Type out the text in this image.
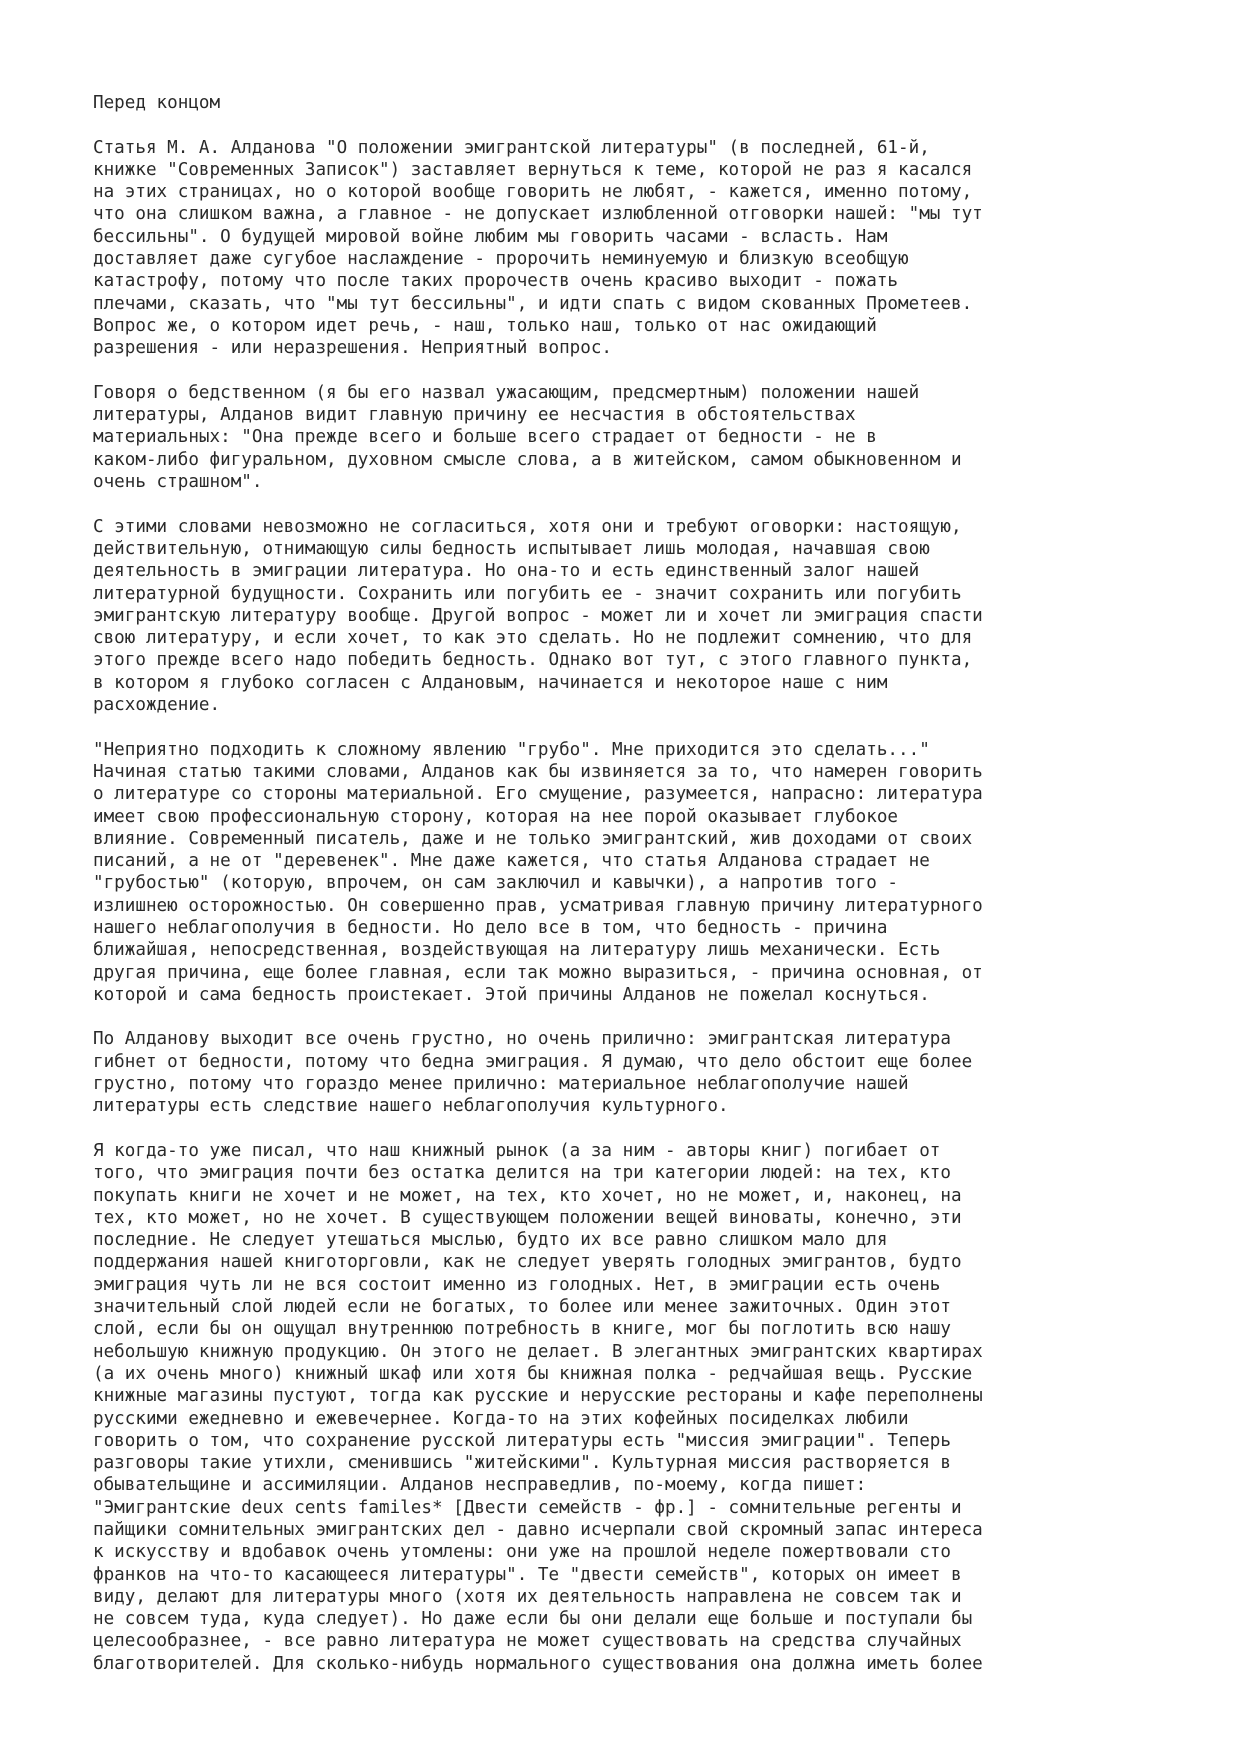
Перед концом
Статья М. А. Алданова "О положении эмигрантской литературы" (в последней, 61-й,
книжке "Современных Записок") заставляет вернуться к теме, которой не раз я касался
на этих страницах, но о которой вообще говорить не любят, - кажется, именно потому,
что она слишком важна, а главное - не допускает излюбленной отговорки нашей: "мы тут
бессильны". О будущей мировой войне любим мы говорить часами - всласть. Нам
доставляет даже сугубое наслаждение - пророчить неминуемую и близкую всеобщую
катастрофу, потому что после таких пророчеств очень красиво выходит - пожать
плечами, сказать, что "мы тут бессильны", и идти спать с видом скованных Прометеев.
Вопрос же, о котором идет речь, - наш, только наш, только от нас ожидающий
разрешения - или неразрешения. Неприятный вопрос.
Говоря о бедственном (я бы его назвал ужасающим, предсмертным) положении нашей
литературы, Алданов видит главную причину ее несчастия в обстоятельствах
материальных: "Она прежде всего и больше всего страдает от бедности - не в
каком-либо фигуральном, духовном смысле слова, а в житейском, самом обыкновенном и
очень страшном".
С этими словами невозможно не согласиться, хотя они и требуют оговорки: настоящую,
действительную, отнимающую силы бедность испытывает лишь молодая, начавшая свою
деятельность в эмиграции литература. Но она-то и есть единственный залог нашей
литературной будущности. Сохранить или погубить ее - значит сохранить или погубить
эмигрантскую литературу вообще. Другой вопрос - может ли и хочет ли эмиграция спасти
свою литературу, и если хочет, то как это сделать. Но не подлежит сомнению, что для
этого прежде всего надо победить бедность. Однако вот тут, с этого главного пункта,
в котором я глубоко согласен с Алдановым, начинается и некоторое наше с ним
расхождение.
"Неприятно подходить к сложному явлению "грубо". Мне приходится это сделать..."
Начиная статью такими словами, Алданов как бы извиняется за то, что намерен говорить
о литературе со стороны материальной. Его смущение, разумеется, напрасно: литература
имеет свою профессиональную сторону, которая на нее порой оказывает глубокое
влияние. Современный писатель, даже и не только эмигрантский, жив доходами от своих
писаний, а не от "деревенек". Мне даже кажется, что статья Алданова страдает не
"грубостью" (которую, впрочем, он сам заключил и кавычки), а напротив того -
излишнею осторожностью. Он совершенно прав, усматривая главную причину литературного
нашего неблагополучия в бедности. Но дело все в том, что бедность - причина
ближайшая, непосредственная, воздействующая на литературу лишь механически. Есть
другая причина, еще более главная, если так можно выразиться, - причина основная, от
которой и сама бедность проистекает. Этой причины Алданов не пожелал коснуться.
По Алданову выходит все очень грустно, но очень прилично: эмигрантская литература
гибнет от бедности, потому что бедна эмиграция. Я думаю, что дело обстоит еще более
грустно, потому что гораздо менее прилично: материальное неблагополучие нашей
литературы есть следствие нашего неблагополучия культурного.
Я когда-то уже писал, что наш книжный рынок (а за ним - авторы книг) погибает от
того, что эмиграция почти без остатка делится на три категории людей: на тех, кто
покупать книги не хочет и не может, на тех, кто хочет, но не может, и, наконец, на
тех, кто может, но не хочет. В существующем положении вещей виноваты, конечно, эти
последние. Не следует утешаться мыслью, будто их все равно слишком мало для
поддержания нашей книготорговли, как не следует уверять голодных эмигрантов, будто
эмиграция чуть ли не вся состоит именно из голодных. Нет, в эмиграции есть очень
значительный слой людей если не богатых, то более или менее зажиточных. Один этот
слой, если бы он ощущал внутреннюю потребность в книге, мог бы поглотить всю нашу
небольшую книжную продукцию. Он этого не делает. В элегантных эмигрантских квартирах
(а их очень много) книжный шкаф или хотя бы книжная полка - редчайшая вещь. Русские
книжные магазины пустуют, тогда как русские и нерусские рестораны и кафе переполнены
русскими ежедневно и ежевечернее. Когда-то на этих кофейных посиделках любили
говорить о том, что сохранение русской литературы есть "миссия эмиграции". Теперь
разговоры такие утихли, сменившись "житейскими". Культурная миссия растворяется в
обывательщине и ассимиляции. Алданов несправедлив, по-моему, когда пишет:
"Эмигрантские deux cents familes* [Двести семейств - фр.] - сомнительные регенты и
пайщики сомнительных эмигрантских дел - давно исчерпали свой скромный запас интереса
к искусству и вдобавок очень утомлены: они уже на прошлой неделе пожертвовали сто
франков на что-то касающееся литературы". Те "двести семейств", которых он имеет в
виду, делают для литературы много (хотя их деятельность направлена не совсем так и
не совсем туда, куда следует). Но даже если бы они делали еще больше и поступали бы
целесообразнее, - все равно литература не может существовать на средства случайных
благотворителей. Для сколько-нибудь нормального существования она должна иметь более
